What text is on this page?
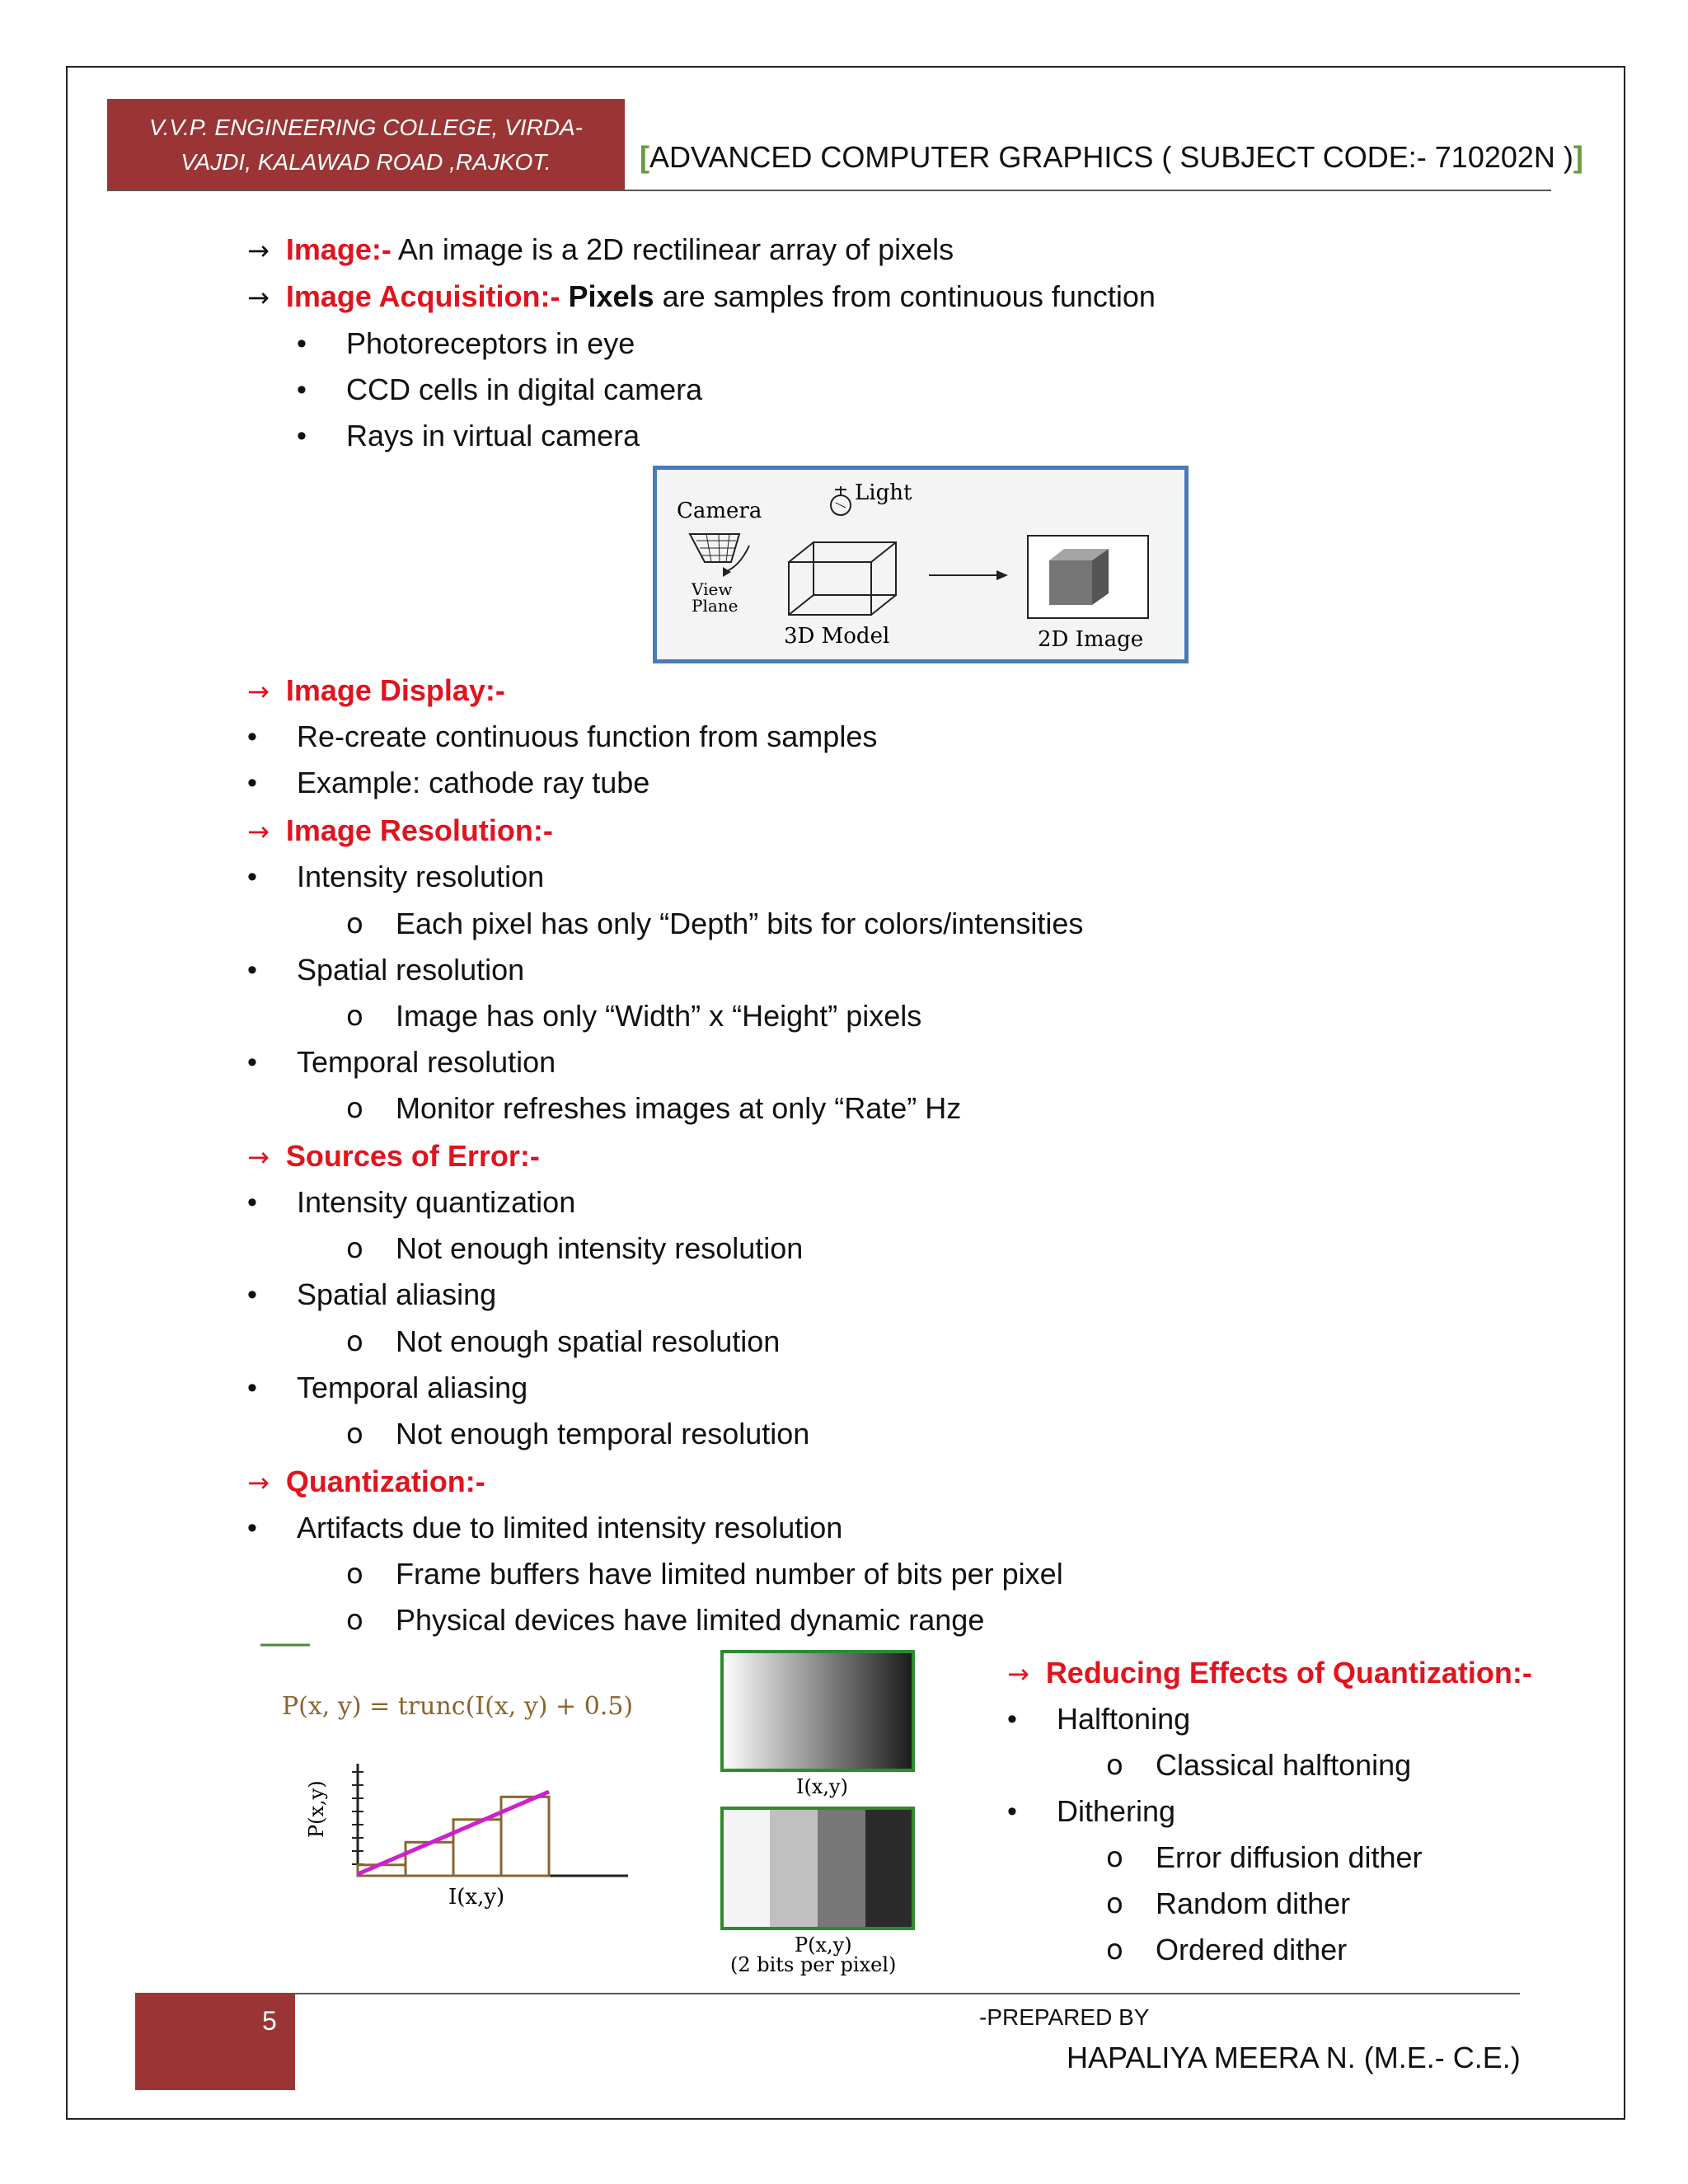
V.V.P. ENGINEERING COLLEGE, VIRDA-
VAJDI, KALAWAD ROAD ,RAJKOT.	[ADVANCED COMPUTER GRAPHICS ( SUBJECT CODE:- 710202N )]
→ Image:- An image is a 2D rectilinear array of pixels
→ Image Acquisition:- Pixels are samples from continuous function
• Photoreceptors in eye
• CCD cells in digital camera
• Rays in virtual camera
Camera
View
Plane
Light
3D Model	2D Image
→ Image Display:-
• Re-create continuous function from samples
• Example: cathode ray tube
→ Image Resolution:-
• Intensity resolution
o Each pixel has only “Depth” bits for colors/intensities
• Spatial resolution
o Image has only “Width” x “Height” pixels
• Temporal resolution
o Monitor refreshes images at only “Rate” Hz
→ Sources of Error:-
• Intensity quantization
o Not enough intensity resolution
• Spatial aliasing
o Not enough spatial resolution
• Temporal aliasing
o Not enough temporal resolution
→ Quantization:-
• Artifacts due to limited intensity resolution
o Frame buffers have limited number of bits per pixel
o Physical devices have limited dynamic range
P(x, y) = trunc(I(x, y) + 0.5)
P(x,y)
I(x,y)
I(x,y)
P(x,y)
(2 bits per pixel)
→ Reducing Effects of Quantization:-
• Halftoning
o Classical halftoning
• Dithering
o Error diffusion dither
o Random dither
o Ordered dither
5	-PREPARED BY
HAPALIYA MEERA N. (M.E.- C.E.)
